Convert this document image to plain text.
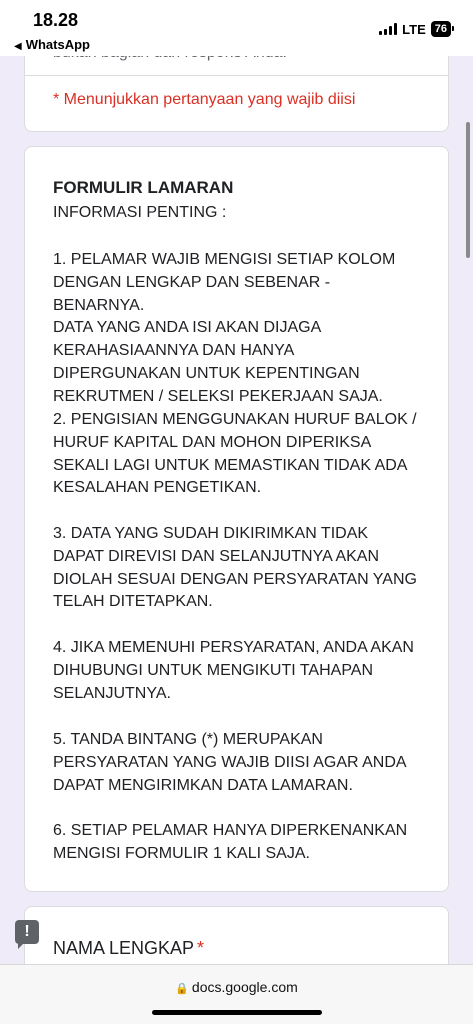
18.28
◀ WhatsApp
LTE 76
* Menunjukkan pertanyaan yang wajib diisi
FORMULIR LAMARAN
INFORMASI PENTING :
1. PELAMAR WAJIB MENGISI SETIAP KOLOM
DENGAN LENGKAP DAN SEBENAR - BENARNYA.
DATA YANG ANDA ISI AKAN DIJAGA
KERAHASIAANNYA DAN HANYA
DIPERGUNAKAN UNTUK KEPENTINGAN
REKRUTMEN / SELEKSI PEKERJAAN SAJA.
2. PENGISIAN MENGGUNAKAN HURUF BALOK /
HURUF KAPITAL DAN MOHON DIPERIKSA
SEKALI LAGI UNTUK MEMASTIKAN TIDAK ADA
KESALAHAN PENGETIKAN.
3. DATA YANG SUDAH DIKIRIMKAN TIDAK
DAPAT DIREVISI DAN SELANJUTNYA AKAN
DIOLAH SESUAI DENGAN PERSYARATAN YANG
TELAH DITETAPKAN.
4. JIKA MEMENUHI PERSYARATAN, ANDA AKAN
DIHUBUNGI UNTUK MENGIKUTI TAHAPAN
SELANJUTNYA.
5. TANDA BINTANG (*) MERUPAKAN
PERSYARATAN YANG WAJIB DIISI AGAR ANDA
DAPAT MENGIRIMKAN DATA LAMARAN.
6. SETIAP PELAMAR HANYA DIPERKENANKAN
MENGISI FORMULIR 1 KALI SAJA.
!
NAMA LENGKAP *
🔒 docs.google.com
